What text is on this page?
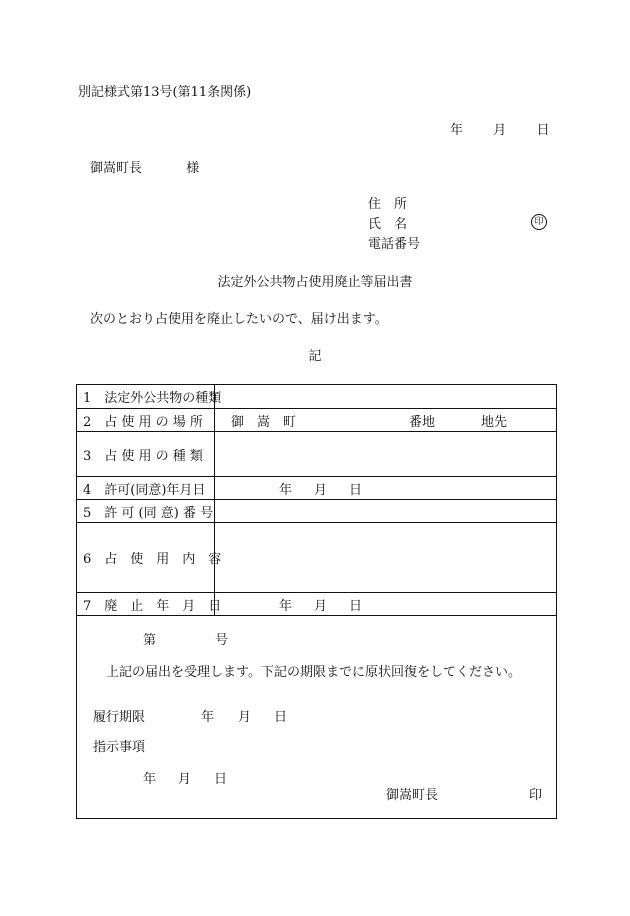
別記様式第13号(第11条関係)
年 月 日
御嵩町長	様
住　所
氏　名
電話番号
印
法定外公共物占使用廃止等届出書
次のとおり占使用を廃止したいので、届け出ます。
記
1　法定外公共物の種類
2　占 使 用 の 場 所	御　嵩　町	番地	地先
3　占 使 用 の 種 類
4　許可(同意)年月日	年 月 日
5　許 可 (同 意) 番 号
6　占　使　用　内　容
7　廃　止　年　月　日	年 月 日
第	号
上記の届出を受理します。下記の期限までに原状回復をしてください。
履行期限	年 月 日
指示事項
年 月 日
御嵩町長	印
